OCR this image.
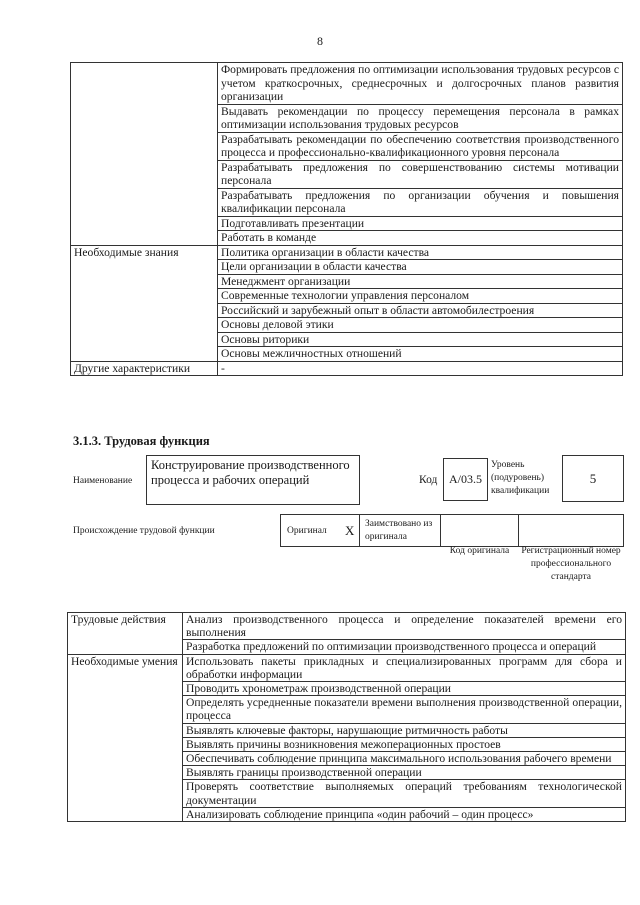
8
	Формировать предложения по оптимизации использования трудовых ресурсов с учетом краткосрочных, среднесрочных и долгосрочных планов развития организации
	Выдавать рекомендации по процессу перемещения персонала в рамках оптимизации использования трудовых ресурсов
	Разрабатывать рекомендации по обеспечению соответствия производственного процесса и профессионально-квалификационного уровня персонала
	Разрабатывать предложения по совершенствованию системы мотивации персонала
	Разрабатывать предложения по организации обучения и повышения квалификации персонала
	Подготавливать презентации
	Работать в команде
Необходимые знания	Политика организации в области качества
	Цели организации в области качества
	Менеджмент организации
	Современные технологии управления персоналом
	Российский и зарубежный опыт в области автомобилестроения
	Основы деловой этики
	Основы риторики
	Основы межличностных отношений
Другие характеристики	-
3.1.3. Трудовая функция
Наименование
Конструирование производственного процесса и рабочих операций	Код A/03.5
Уровень (подуровень) квалификации
5
Происхождение трудовой функции	Оригинал X Заимствовано из оригинала
Код оригинала	Регистрационный номер профессионального стандарта
Трудовые действия	Анализ производственного процесса и определение показателей времени его выполнения
	Разработка предложений по оптимизации производственного процесса и операций
Необходимые умения	Использовать пакеты прикладных и специализированных программ для сбора и обработки информации
	Проводить хронометраж производственной операции
	Определять усредненные показатели времени выполнения производственной операции, процесса
	Выявлять ключевые факторы, нарушающие ритмичность работы
	Выявлять причины возникновения межоперационных простоев
	Обеспечивать соблюдение принципа максимального использования рабочего времени
	Выявлять границы производственной операции
	Проверять соответствие выполняемых операций требованиям технологической документации
	Анализировать соблюдение принципа «один рабочий – один процесс»
